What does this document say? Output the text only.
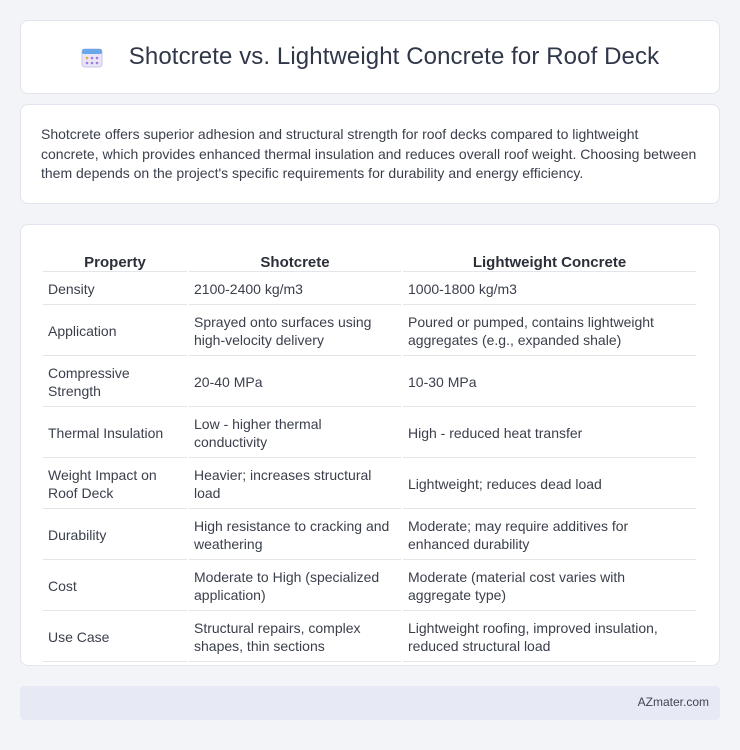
Shotcrete vs. Lightweight Concrete for Roof Deck

Shotcrete offers superior adhesion and structural strength for roof decks compared to lightweight concrete, which provides enhanced thermal insulation and reduces overall roof weight. Choosing between them depends on the project's specific requirements for durability and energy efficiency.

Property	Shotcrete	Lightweight Concrete
Density	2100-2400 kg/m3	1000-1800 kg/m3
Application	Sprayed onto surfaces using high-velocity delivery	Poured or pumped, contains lightweight aggregates (e.g., expanded shale)
Compressive Strength	20-40 MPa	10-30 MPa
Thermal Insulation	Low - higher thermal conductivity	High - reduced heat transfer
Weight Impact on Roof Deck	Heavier; increases structural load	Lightweight; reduces dead load
Durability	High resistance to cracking and weathering	Moderate; may require additives for enhanced durability
Cost	Moderate to High (specialized application)	Moderate (material cost varies with aggregate type)
Use Case	Structural repairs, complex shapes, thin sections	Lightweight roofing, improved insulation, reduced structural load
AZmater.com
